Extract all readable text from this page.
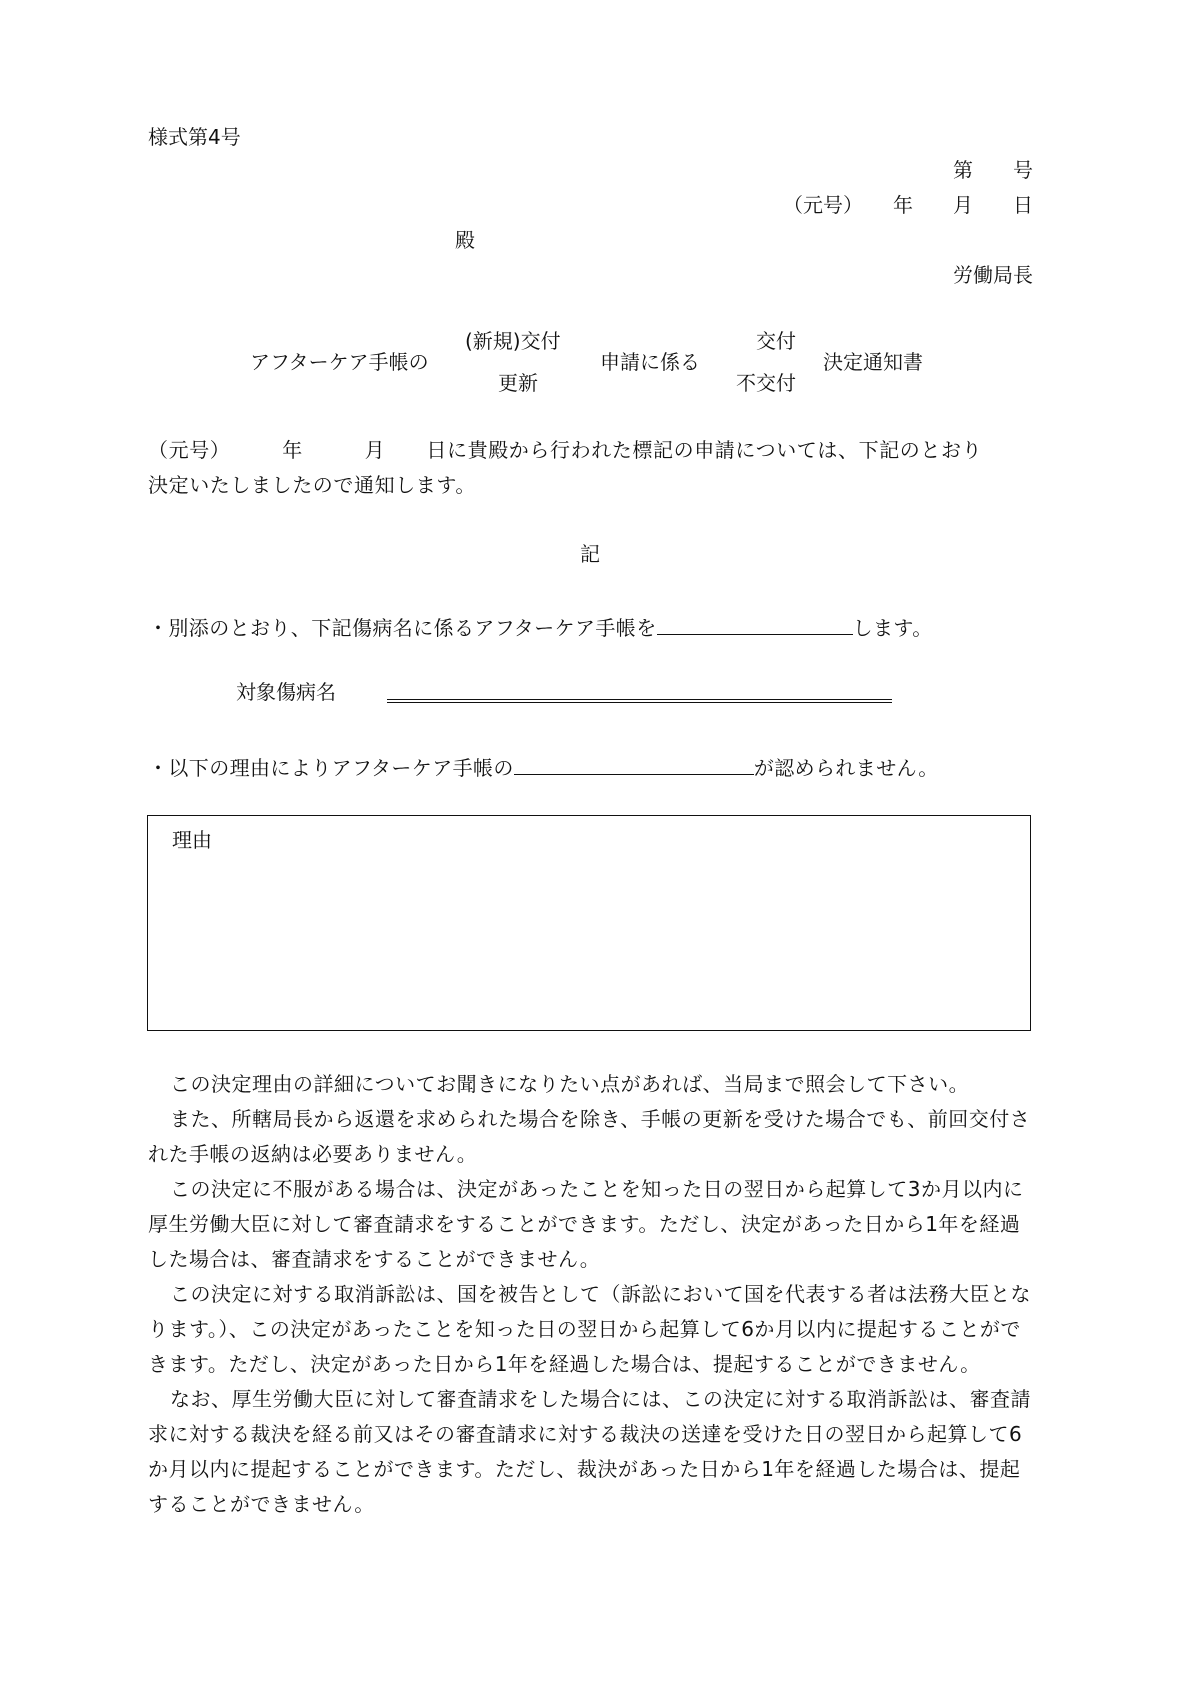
様式第4号
第　　号
（元号）　　年　　月　　日
殿
労働局長
アフターケア手帳の
(新規)交付
更新
申請に係る
交付
不交付
決定通知書
（元号）　　　年　　　月　　日に貴殿から行われた標記の申請については、下記のとおり
決定いたしましたので通知します。
記
・別添のとおり、下記傷病名に係るアフターケア手帳を	します。
対象傷病名
・以下の理由によりアフターケア手帳の	が認められません。
理由

この決定理由の詳細についてお聞きになりたい点があれば、当局まで照会して下さい。

また、所轄局長から返還を求められた場合を除き、手帳の更新を受けた場合でも、前回交付された手帳の返納は必要ありません。

この決定に不服がある場合は、決定があったことを知った日の翌日から起算して3か月以内に厚生労働大臣に対して審査請求をすることができます。ただし、決定があった日から1年を経過した場合は、審査請求をすることができません。

この決定に対する取消訴訟は、国を被告として（訴訟において国を代表する者は法務大臣となります。）、この決定があったことを知った日の翌日から起算して6か月以内に提起することができます。ただし、決定があった日から1年を経過した場合は、提起することができません。

なお、厚生労働大臣に対して審査請求をした場合には、この決定に対する取消訴訟は、審査請求に対する裁決を経る前又はその審査請求に対する裁決の送達を受けた日の翌日から起算して6か月以内に提起することができます。ただし、裁決があった日から1年を経過した場合は、提起することができません。
